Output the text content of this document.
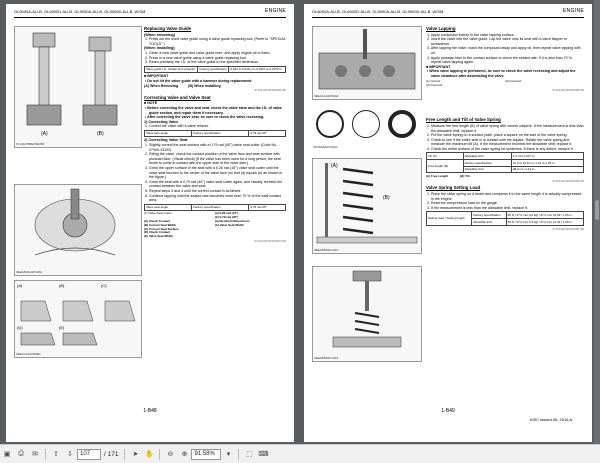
GL6000A-AU-B, GL6000D-AU-B, GL9000A-AU-B, GL9000D-AU-B, W/SM	ENGINE
(A)	(B)
9Y1210788ENS0056
3EEABA0H1P118A
(A)	(B)	(C)
(D)	(E)
3EEACAA1P088C
Replacing Valve Guide
(When removing)
1. Press out the used valve guide using a valve guide replacing tool. (Refer to "SPECIAL TOOLS".)
(When installing)
1. Clean a new valve guide and valve guide bore, and apply engine oil to them.
2. Press in a new valve guide using a valve guide replacing tool.
3. Ream precisely the I.D. of the valve guide to the specified dimension.
Valve guide I.D. (Intake and exhaust)	Factory specification	6.010 to 6.025 mm 0.2367 to 0.2372 in.
■ IMPORTANT
• Do not hit the valve guide with a hammer during replacement.
(A) When Removing	(B) When Installing
9Y1211407ENS0036US0
Correcting Valve and Valve Seat
■ NOTE
• Before correcting the valve and seat, check the valve stem and the I.D. of valve guide section, and repair them if necessary.
• After correcting the valve seat, be sure to check the valve recessing.
1) Correcting Valve
1. Correct the valve with a valve refacer.
Valve face angle	Factory specification	0.79 rad 45°
2) Correcting Valve Seat
1. Slightly correct the seat surface with a 0.79 rad (45°) valve seat cutter (Code No. 07909-33102).
2. Fitting the valve, check the contact position of the valve face and seat surface with prussian blue. (Visual check) [If the valve has been used for a long period, the seat tends to come in contact with the upper side of the valve face.]
3. Grind the upper surface of the seat with a 0.26 rad (15°) valve seat cutter until the valve seat touches to the center of the valve face (so that (a) equals (b) as shown in the figure.)
4. Grind the seat with a 0.79 rad (45°) valve seat cutter again, and visually recheck the contact between the valve and seat.
5. Repeat steps 3 and 4 until the correct contact is achieved.
6. Continue lapping until the seated rate becomes more than 70 % of the total contact area.
Valve seat angle	Factory specification	0.79 rad 45°
(1) Valve Seat Cutter	(a) 0.26 rad (15°)
(b) 0.79 rad (45°)
(A) Check Contact	(a) Identical Dimensions
(B) Correct Seat Width	(b) Valve Seat Width
(C) Correct Seat Surface
(D) Check Contact
(E) Valve Seat Width
9Y1211407ENS0037US0
1-B48
GL6000A-AU-B, GL6000D-AU-B, GL9000A-AU-B, GL9000D-AU-B, W/SM	ENGINE
3EEACAA1P044A
3TNABAB1P040A
(B)
(A)
3EEABAB1P121C
3EEABAB1P122A
Valve Lapping
1. Apply compound evenly to the valve lapping surface.
2. Insert the valve into the valve guide. Lap the valve onto its seat with a valve flapper or screwdriver.
3. After lapping the valve, wash the compound away and apply oil, then repeat valve lapping with oil.
4. Apply prussian blue to the contact surface to check the seated rate. If it is less than 70 %, repeat valve lapping again.
■ IMPORTANT
• When valve lapping is performed, be sure to check the valve recessing and adjust the valve clearance after assembling the valve.
(1) Correct	(3) Incorrect
(2) Incorrect
9Y1211407ENS0038US0
Free Length and Tilt of Valve Spring
1. Measure the free length (B) of valve spring with vernier calipers. If the measurement is less than the allowable limit, replace it.
2. Put the valve spring on a surface plate, place a square on the side of the valve spring.
3. Check to see if the entire side is in contact with the square. Rotate the valve spring and measure the maximum tilt (A). If the measurement exceeds the allowable limit, replace it.
4. Check the entire surface of the valve spring for scratches. If there is any defect, replace it.
Tilt (A)	Allowable limit	1.2 mm 0.047 in.
Free length (B)	Factory specification	31.3 to 31.8 mm 1.24 to 1.25 in.
	Allowable limit	28.4 mm 1.12 in.
(A) Free Length	(B) Tilt
9Y1211407ENS0039US0
Valve Spring Setting Load
1. Place the valve spring on a tester and compress it to the same length it is actually compressed in the engine.
2. Read the compression load on the gauge.
3. If the measurement is less than the allowable limit, replace it.
Setting load / Setting length	Factory specification	65 N / 27.0 mm 6.6 kgf / 27.0 mm 15 lbf / 1.06 in.
	Allowable limit	55 N / 27.0 mm 5.6 kgf / 27.0 mm 12 lbf / 1.06 in.
9Y1211407ENS0040US0
1-B49
KiSC issued 06, 2016 A
▣	⎙	✉	⇧	⇩	107	/ 171	➤ ✋	⊖	⊕	91.58%	▾	⬚ ⌨
